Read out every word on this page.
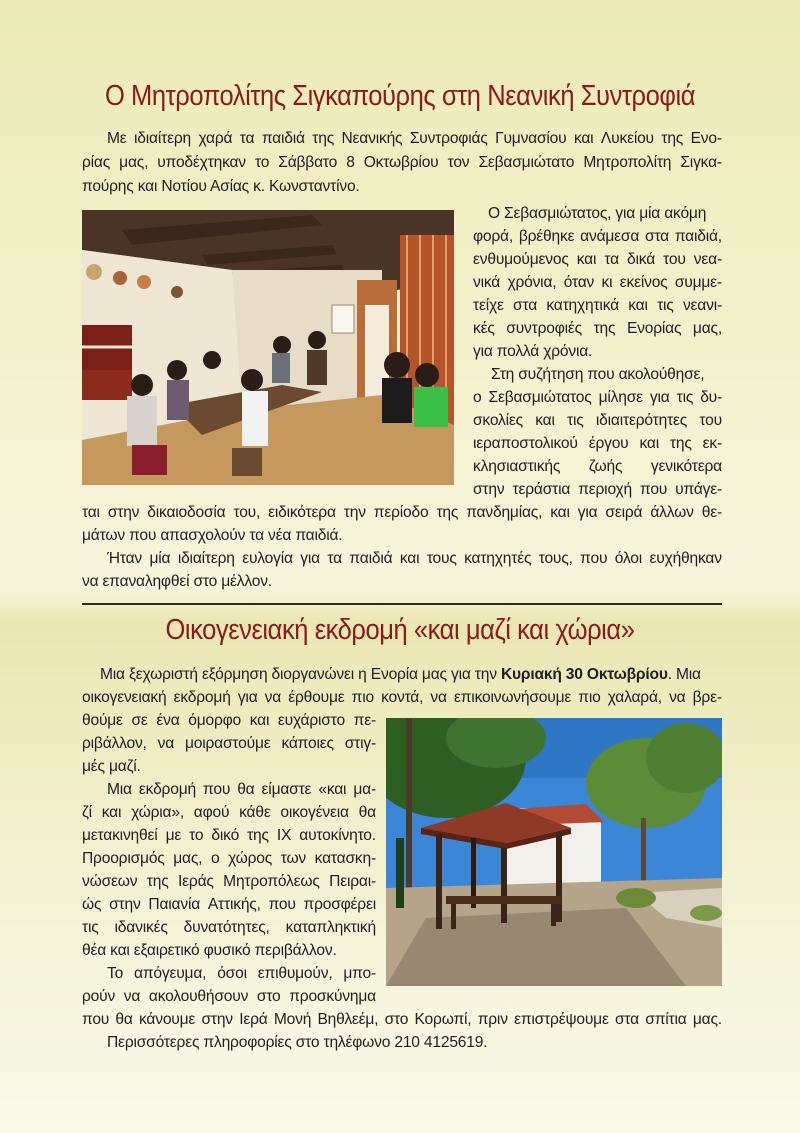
Ο Μητροπολίτης Σιγκαπούρης στη Νεανική Συντροφιά
Με ιδιαίτερη χαρά τα παιδιά της Νεανικής Συντροφιάς Γυμνασίου και Λυκείου της Ενο-
ρίας μας, υποδέχτηκαν το Σάββατο 8 Οκτωβρίου τον Σεβασμιώτατο Μητροπολίτη Σιγκα-
πούρης και Νοτίου Ασίας κ. Κωνσταντίνο.
Ο Σεβασμιώτατος, για μία ακόμη
φορά, βρέθηκε ανάμεσα στα παιδιά,
ενθυμούμενος και τα δικά του νεα-
νικά χρόνια, όταν κι εκείνος συμμε-
τείχε στα κατηχητικά και τις νεανι-
κές συντροφιές της Ενορίας μας,
για πολλά χρόνια.
Στη συζήτηση που ακολούθησε,
ο Σεβασμιώτατος μίλησε για τις δυ-
σκολίες και τις ιδιαιτερότητες του
ιεραποστολικού έργου και της εκ-
κλησιαστικής ζωής γενικότερα
στην τεράστια περιοχή που υπάγε-
ται στην δικαιοδοσία του, ειδικότερα την περίοδο της πανδημίας, και για σειρά άλλων θε-
μάτων που απασχολούν τα νέα παιδιά.
Ήταν μία ιδιαίτερη ευλογία για τα παιδιά και τους κατηχητές τους, που όλοι ευχήθηκαν
να επαναληφθεί στο μέλλον.
Οικογενειακή εκδρομή «και μαζί και χώρια»
Μια ξεχωριστή εξόρμηση διοργανώνει η Ενορία μας για την Κυριακή 30 Οκτωβρίου. Μια
οικογενειακή εκδρομή για να έρθουμε πιο κοντά, να επικοινωνήσουμε πιο χαλαρά, να βρε-
θούμε σε ένα όμορφο και ευχάριστο πε-
ριβάλλον, να μοιραστούμε κάποιες στιγ-
μές μαζί.
Μια εκδρομή που θα είμαστε «και μα-
ζί και χώρια», αφού κάθε οικογένεια θα
μετακινηθεί με το δικό της ΙΧ αυτοκίνητο.
Προορισμός μας, ο χώρος των κατασκη-
νώσεων της Ιεράς Μητροπόλεως Πειραι-
ώς στην Παιανία Αττικής, που προσφέρει
τις ιδανικές δυνατότητες, καταπληκτική
θέα και εξαιρετικό φυσικό περιβάλλον.
Το απόγευμα, όσοι επιθυμούν, μπο-
ρούν να ακολουθήσουν στο προσκύνημα
που θα κάνουμε στην Ιερά Μονή Βηθλεέμ, στο Κορωπί, πριν επιστρέψουμε στα σπίτια μας.
Περισσότερες πληροφορίες στο τηλέφωνο 210 4125619.
